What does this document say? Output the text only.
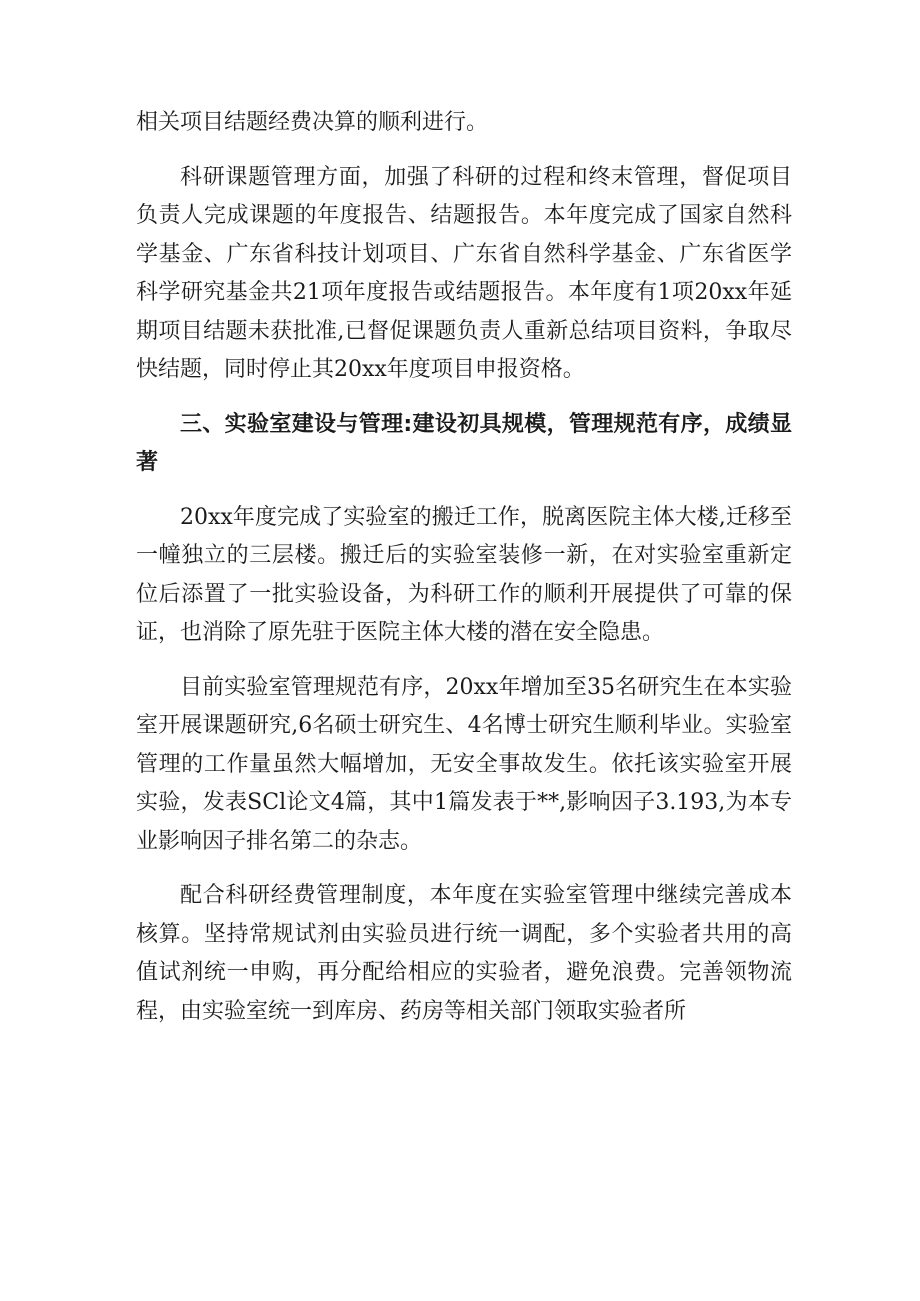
相关项目结题经费决算的顺利进行。

科研课题管理方面，加强了科研的过程和终末管理，督促项目负责人完成课题的年度报告、结题报告。本年度完成了国家自然科学基金、广东省科技计划项目、广东省自然科学基金、广东省医学科学研究基金共21项年度报告或结题报告。本年度有1项20xx年延期项目结题未获批准,已督促课题负责人重新总结项目资料，争取尽快结题，同时停止其20xx年度项目申报资格。

三、实验室建设与管理:建设初具规模，管理规范有序，成绩显著

20xx年度完成了实验室的搬迁工作，脱离医院主体大楼,迁移至一幢独立的三层楼。搬迁后的实验室装修一新，在对实验室重新定位后添置了一批实验设备，为科研工作的顺利开展提供了可靠的保证，也消除了原先驻于医院主体大楼的潜在安全隐患。

目前实验室管理规范有序，20xx年增加至35名研究生在本实验室开展课题研究,6名硕士研究生、4名博士研究生顺利毕业。实验室管理的工作量虽然大幅增加，无安全事故发生。依托该实验室开展实验，发表SCl论文4篇，其中1篇发表于**,影响因子3.193,为本专业影响因子排名第二的杂志。

配合科研经费管理制度，本年度在实验室管理中继续完善成本核算。坚持常规试剂由实验员进行统一调配，多个实验者共用的高值试剂统一申购，再分配给相应的实验者，避免浪费。完善领物流程，由实验室统一到库房、药房等相关部门领取实验者所
